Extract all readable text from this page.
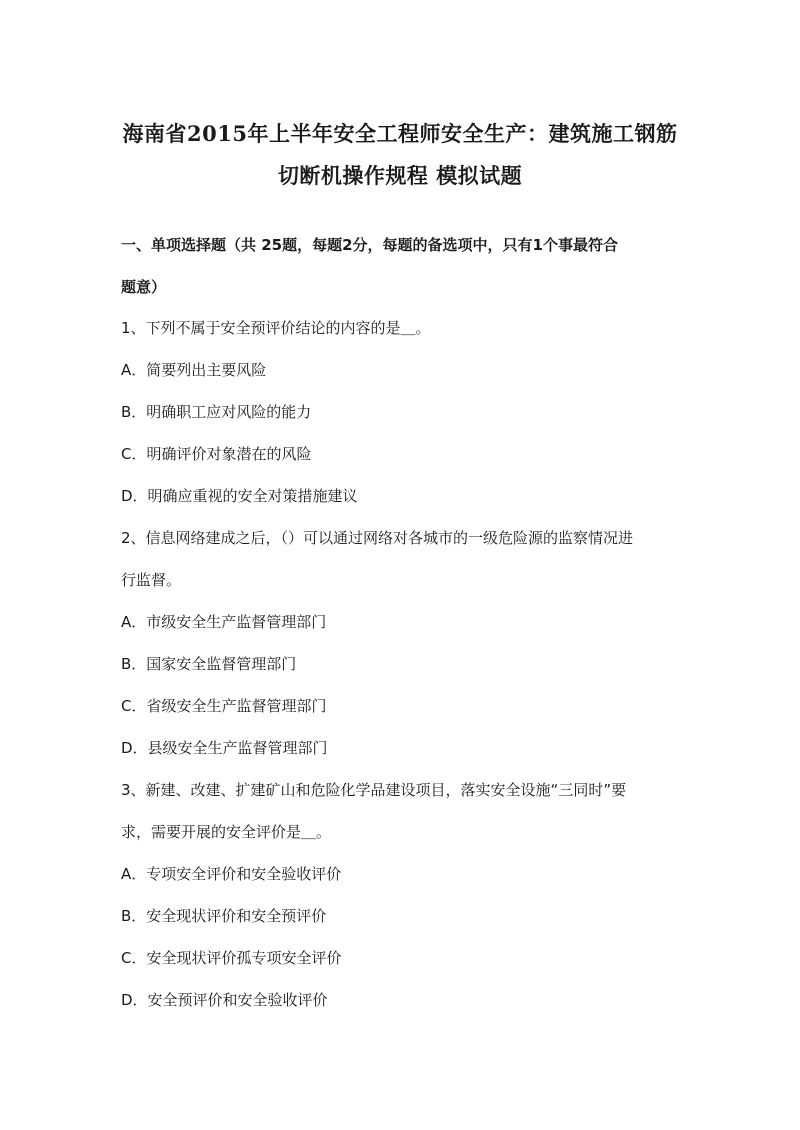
海南省2015年上半年安全工程师安全生产：建筑施工钢筋
切断机操作规程 模拟试题
一、单项选择题（共 25题，每题2分，每题的备选项中，只有1个事最符合
题意）
1、下列不属于安全预评价结论的内容的是＿。
A．简要列出主要风险
B．明确职工应对风险的能力
C．明确评价对象潜在的风险
D．明确应重视的安全对策措施建议
2、信息网络建成之后，（）可以通过网络对各城市的一级危险源的监察情况进
行监督。
A．市级安全生产监督管理部门
B．国家安全监督管理部门
C．省级安全生产监督管理部门
D．县级安全生产监督管理部门
3、新建、改建、扩建矿山和危险化学品建设项目，落实安全设施“三同时”要
求，需要开展的安全评价是＿。
A．专项安全评价和安全验收评价
B．安全现状评价和安全预评价
C．安全现状评价孤专项安全评价
D．安全预评价和安全验收评价
